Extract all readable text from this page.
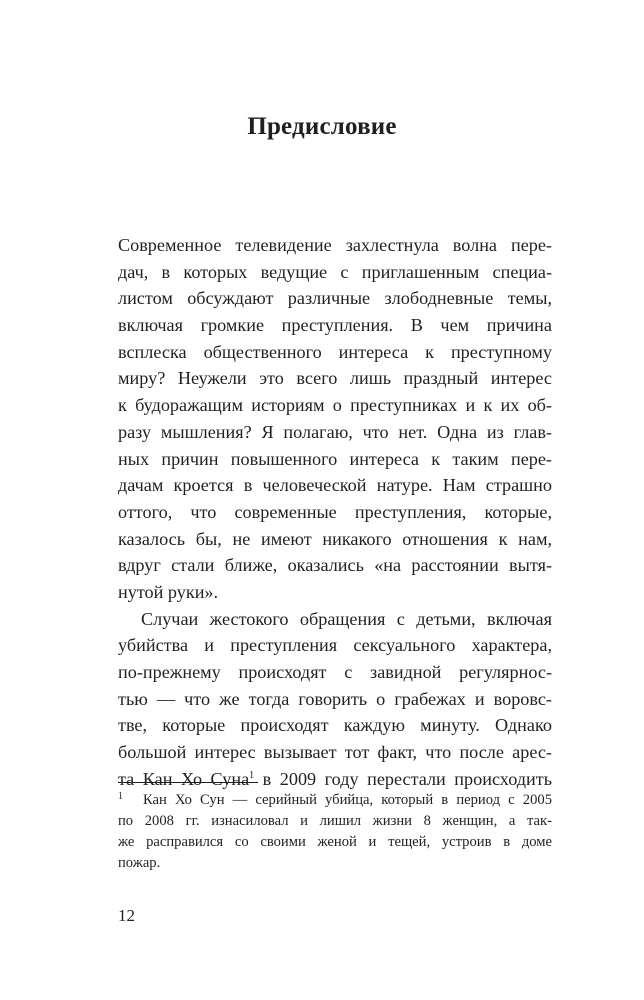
Предисловие
Современное телевидение захлестнула волна пере-
дач, в которых ведущие с приглашенным специа-
листом обсуждают различные злободневные темы,
включая громкие преступления. В чем причина
всплеска общественного интереса к преступному
миру? Неужели это всего лишь праздный интерес
к будоражащим историям о преступниках и к их об-
разу мышления? Я полагаю, что нет. Одна из глав-
ных причин повышенного интереса к таким пере-
дачам кроется в человеческой натуре. Нам страшно
оттого, что современные преступления, которые,
казалось бы, не имеют никакого отношения к нам,
вдруг стали ближе, оказались «на расстоянии вытя-
нутой руки».
Случаи жестокого обращения с детьми, включая
убийства и преступления сексуального характера,
по-прежнему происходят с завидной регулярнос-
тью — что же тогда говорить о грабежах и воровс-
тве, которые происходят каждую минуту. Однако
большой интерес вызывает тот факт, что после арес-
та Кан Хо Суна$^1$ в 2009 году перестали происходить
1 Кан Хо Сун — серийный убийца, который в период с 2005
по 2008 гг. изнасиловал и лишил жизни 8 женщин, а так-
же расправился со своими женой и тещей, устроив в доме
пожар.
12
